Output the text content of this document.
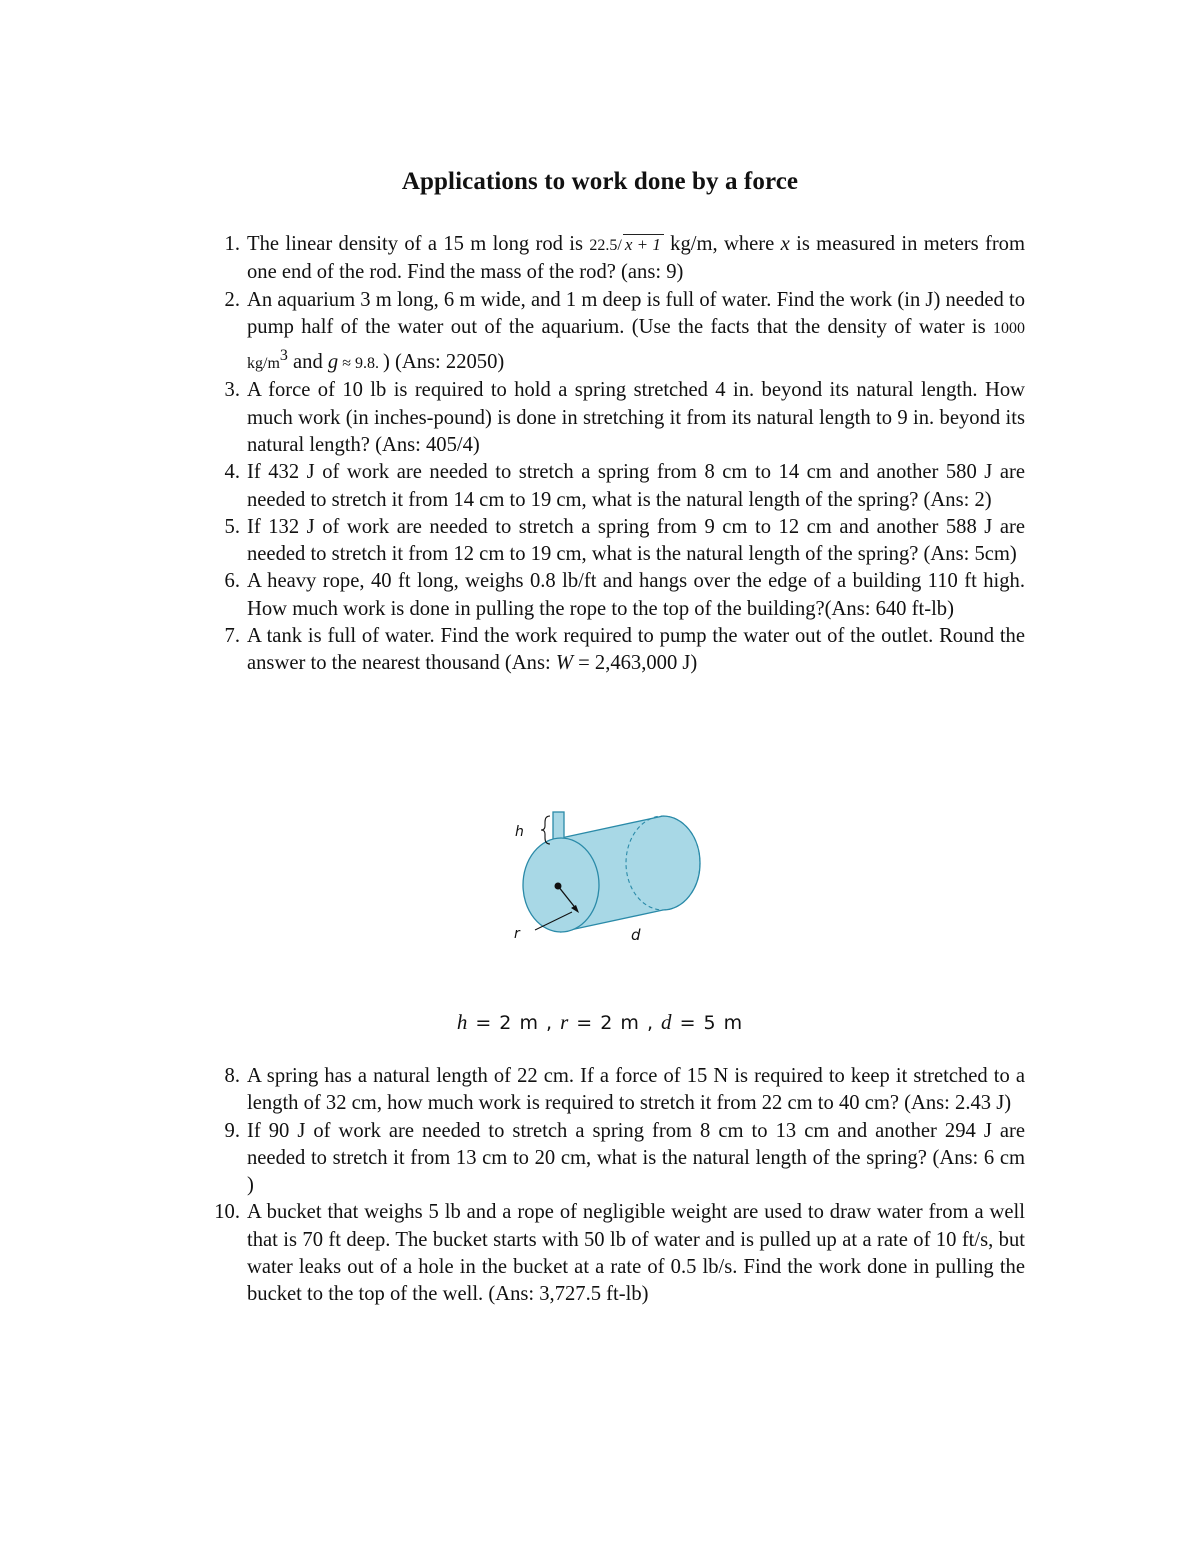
Applications to work done by a force
1. The linear density of a 15 m long rod is 22.5/ x + 1 kg/m, where x is measured in meters from one end of the rod. Find the mass of the rod? (ans: 9)
2. An aquarium 3 m long, 6 m wide, and 1 m deep is full of water. Find the work (in J) needed to pump half of the water out of the aquarium. (Use the facts that the density of water is 1000 $kg/m^3$ and g ≈ 9.8. ) (Ans: 22050)
3. A force of 10 lb is required to hold a spring stretched 4 in. beyond its natural length. How much work (in inches-pound) is done in stretching it from its natural length to 9 in. beyond its natural length? (Ans: 405/4)
4. If 432 J of work are needed to stretch a spring from 8 cm to 14 cm and another 580 J are needed to stretch it from 14 cm to 19 cm, what is the natural length of the spring? (Ans: 2)
5. If 132 J of work are needed to stretch a spring from 9 cm to 12 cm and another 588 J are needed to stretch it from 12 cm to 19 cm, what is the natural length of the spring? (Ans: 5cm)
6. A heavy rope, 40 ft long, weighs 0.8 lb/ft and hangs over the edge of a building 110 ft high. How much work is done in pulling the rope to the top of the building?(Ans: 640 ft-lb)
7. A tank is full of water. Find the work required to pump the water out of the outlet. Round the answer to the nearest thousand (Ans: W = 2,463,000 J)
h
r	d
h = 2 m , r = 2 m , d = 5 m
8. A spring has a natural length of 22 cm. If a force of 15 N is required to keep it stretched to a length of 32 cm, how much work is required to stretch it from 22 cm to 40 cm? (Ans: 2.43 J)
9. If 90 J of work are needed to stretch a spring from 8 cm to 13 cm and another 294 J are needed to stretch it from 13 cm to 20 cm, what is the natural length of the spring? (Ans: 6 cm )
10. A bucket that weighs 5 lb and a rope of negligible weight are used to draw water from a well that is 70 ft deep. The bucket starts with 50 lb of water and is pulled up at a rate of 10 ft/s, but water leaks out of a hole in the bucket at a rate of 0.5 lb/s. Find the work done in pulling the bucket to the top of the well. (Ans: 3,727.5 ft-lb)
